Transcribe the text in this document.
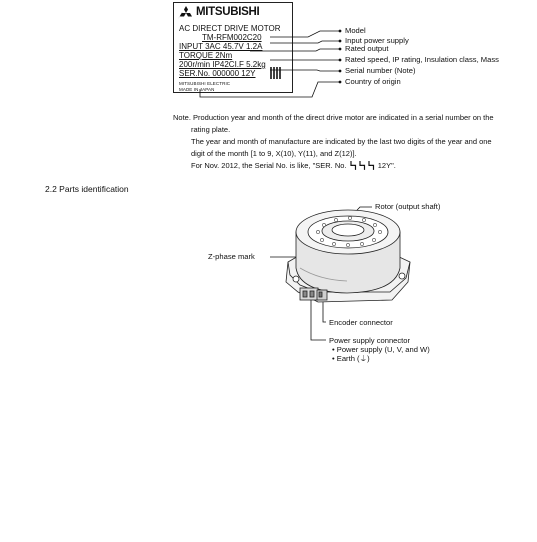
MITSUBISHI
AC DIRECT DRIVE MOTOR
TM-RFM002C20
INPUT 3AC 45.7V 1.2A
TORQUE 2Nm
200r/min IP42CI.F 5.2kg
SER.No. 000000 12Y
MITSUBISHI ELECTRIC
MADE IN JAPAN
Model
Input power supply
Rated output
Rated speed, IP rating, Insulation class, Mass
Serial number (Note)
Country of origin
Note. Production year and month of the direct drive motor are indicated in a serial number on the
rating plate.
The year and month of manufacture are indicated by the last two digits of the year and one
digit of the month [1 to 9, X(10), Y(11), and Z(12)].
For Nov. 2012, the Serial No. is like, "SER. No. ┗┓┗┓┗┓ 12Y".
2.2 Parts identification
Rotor (output shaft)
Z-phase mark
Encoder connector
Power supply connector
• Power supply (U, V, and W)
• Earth (⏚)
